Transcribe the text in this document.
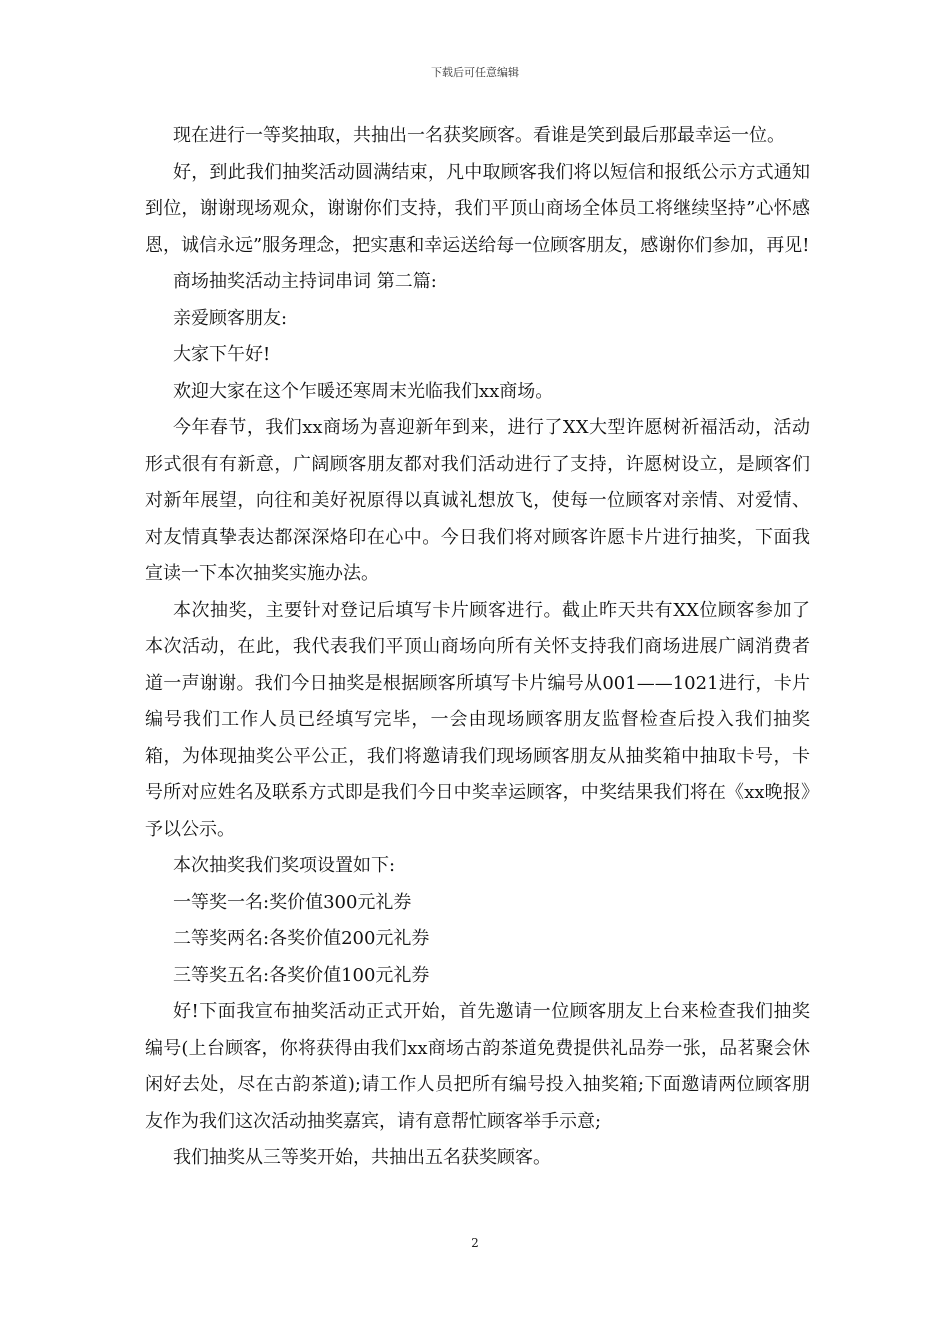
下载后可任意编辑

现在进行一等奖抽取，共抽出一名获奖顾客。看谁是笑到最后那最幸运一位。

好，到此我们抽奖活动圆满结束，凡中取顾客我们将以短信和报纸公示方式通知到位，谢谢现场观众，谢谢你们支持，我们平顶山商场全体员工将继续坚持”心怀感恩，诚信永远”服务理念，把实惠和幸运送给每一位顾客朋友，感谢你们参加，再见!

商场抽奖活动主持词串词 第二篇:

亲爱顾客朋友:

大家下午好!

欢迎大家在这个乍暖还寒周末光临我们xx商场。

今年春节，我们xx商场为喜迎新年到来，进行了XX大型许愿树祈福活动，活动形式很有有新意，广阔顾客朋友都对我们活动进行了支持，许愿树设立，是顾客们对新年展望，向往和美好祝原得以真诚礼想放飞，使每一位顾客对亲情、对爱情、对友情真挚表达都深深烙印在心中。今日我们将对顾客许愿卡片进行抽奖，下面我宣读一下本次抽奖实施办法。

本次抽奖，主要针对登记后填写卡片顾客进行。截止昨天共有XX位顾客参加了本次活动，在此，我代表我们平顶山商场向所有关怀支持我们商场进展广阔消费者道一声谢谢。我们今日抽奖是根据顾客所填写卡片编号从001——1021进行，卡片编号我们工作人员已经填写完毕，一会由现场顾客朋友监督检查后投入我们抽奖箱，为体现抽奖公平公正，我们将邀请我们现场顾客朋友从抽奖箱中抽取卡号，卡号所对应姓名及联系方式即是我们今日中奖幸运顾客，中奖结果我们将在《xx晚报》予以公示。

本次抽奖我们奖项设置如下:

一等奖一名:奖价值300元礼券

二等奖两名:各奖价值200元礼券

三等奖五名:各奖价值100元礼券

好!下面我宣布抽奖活动正式开始，首先邀请一位顾客朋友上台来检查我们抽奖编号(上台顾客，你将获得由我们xx商场古韵茶道免费提供礼品券一张，品茗聚会休闲好去处，尽在古韵茶道);请工作人员把所有编号投入抽奖箱;下面邀请两位顾客朋友作为我们这次活动抽奖嘉宾，请有意帮忙顾客举手示意;

我们抽奖从三等奖开始，共抽出五名获奖顾客。

2
